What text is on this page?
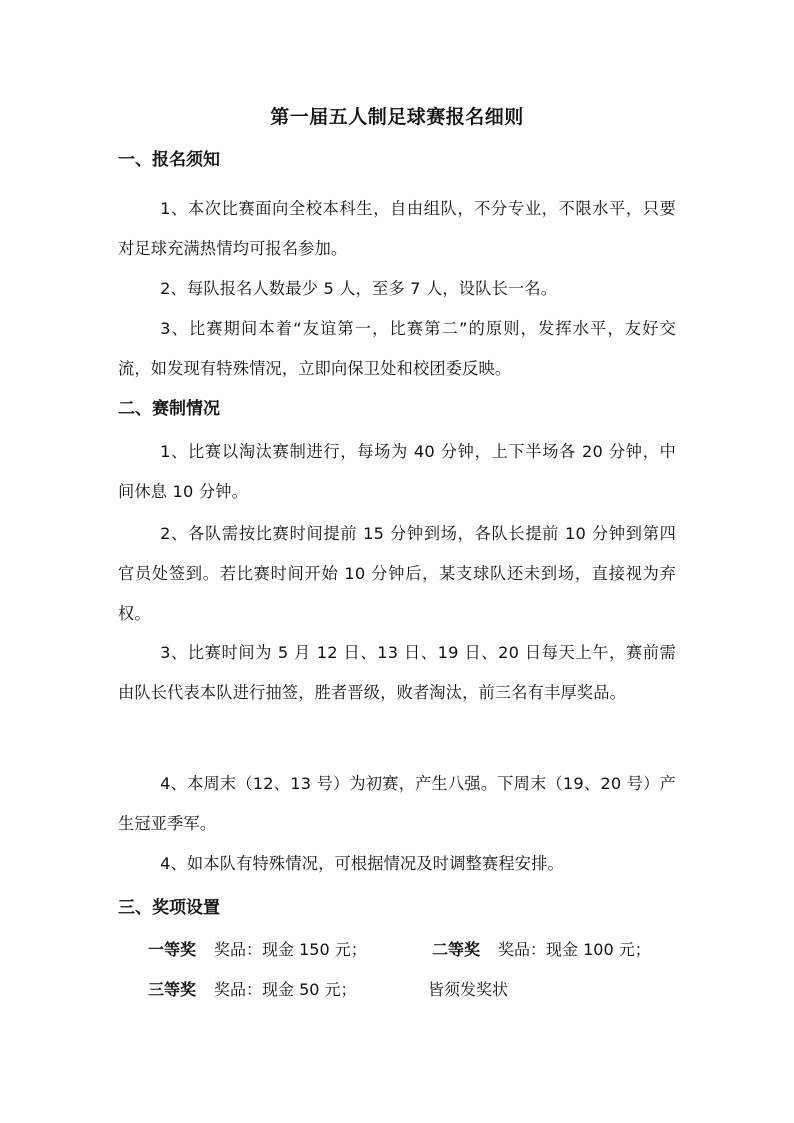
第一届五人制足球赛报名细则
一、报名须知

1、本次比赛面向全校本科生，自由组队，不分专业，不限水平，只要对足球充满热情均可报名参加。

2、每队报名人数最少 5 人，至多 7 人，设队长一名。

3、比赛期间本着“友谊第一，比赛第二”的原则，发挥水平，友好交流，如发现有特殊情况，立即向保卫处和校团委反映。

二、赛制情况

1、比赛以淘汰赛制进行，每场为 40 分钟，上下半场各 20 分钟，中间休息 10 分钟。

2、各队需按比赛时间提前 15 分钟到场，各队长提前 10 分钟到第四官员处签到。若比赛时间开始 10 分钟后，某支球队还未到场，直接视为弃权。

3、比赛时间为 5 月 12 日、13 日、19 日、20 日每天上午，赛前需由队长代表本队进行抽签，胜者晋级，败者淘汰，前三名有丰厚奖品。

4、本周末（12、13 号）为初赛，产生八强。下周末（19、20 号）产生冠亚季军。

4、如本队有特殊情况，可根据情况及时调整赛程安排。

三、奖项设置
一等奖 奖品：现金 150 元；	二等奖 奖品：现金 100 元；
三等奖 奖品：现金 50 元；	皆须发奖状
